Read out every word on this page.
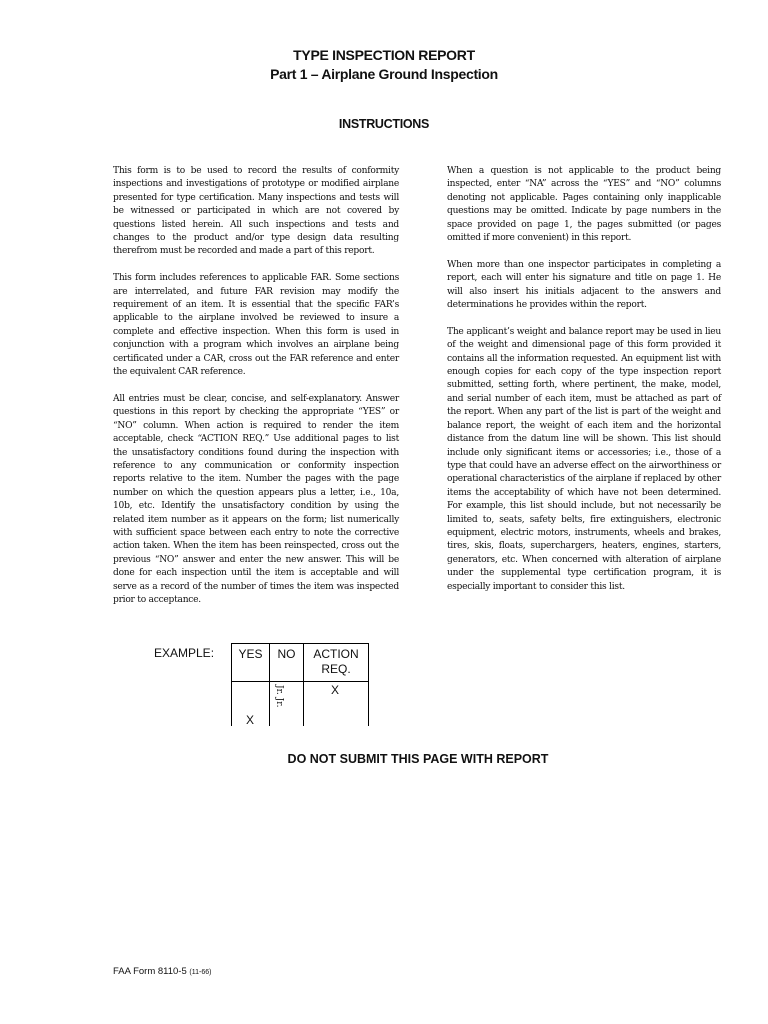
TYPE INSPECTION REPORT
Part 1 – Airplane Ground Inspection
INSTRUCTIONS

This form is to be used to record the results of conformity inspections and investigations of prototype or modified airplane presented for type certification. Many inspections and tests will be witnessed or participated in which are not covered by questions listed herein. All such inspections and tests and changes to the product and/or type design data resulting therefrom must be recorded and made a part of this report.

This form includes references to applicable FAR. Some sections are interrelated, and future FAR revision may modify the requirement of an item. It is essential that the specific FAR’s applicable to the airplane involved be reviewed to insure a complete and effective inspection. When this form is used in conjunction with a program which involves an airplane being certificated under a CAR, cross out the FAR reference and enter the equivalent CAR reference.

All entries must be clear, concise, and self-explanatory. Answer questions in this report by checking the appropriate “YES” or “NO” column. When action is required to render the item acceptable, check “ACTION REQ.” Use additional pages to list the unsatisfactory conditions found during the inspection with reference to any communication or conformity inspection reports relative to the item. Number the pages with the page number on which the question appears plus a letter, i.e., 10a, 10b, etc. Identify the unsatisfactory condition by using the related item number as it appears on the form; list numerically with sufficient space between each entry to note the corrective action taken. When the item has been reinspected, cross out the previous “NO” answer and enter the new answer. This will be done for each inspection until the item is acceptable and will serve as a record of the number of times the item was inspected prior to acceptance.

When a question is not applicable to the product being inspected, enter “NA” across the “YES” and “NO” columns denoting not applicable. Pages containing only inapplicable questions may be omitted. Indicate by page numbers in the space provided on page 1, the pages submitted (or pages omitted if more convenient) in this report.

When more than one inspector participates in completing a report, each will enter his signature and title on page 1. He will also insert his initials adjacent to the answers and determinations he provides within the report.

The applicant’s weight and balance report may be used in lieu of the weight and dimensional page of this form provided it contains all the information requested. An equipment list with enough copies for each copy of the type inspection report submitted, setting forth, where pertinent, the make, model, and serial number of each item, must be attached as part of the report. When any part of the list is part of the weight and balance report, the weight of each item and the horizontal distance from the datum line will be shown. This list should include only significant items or accessories; i.e., those of a type that could have an adverse effect on the airworthiness or operational characteristics of the airplane if replaced by other items the acceptability of which have not been determined. For example, this list should include, but not necessarily be limited to, seats, safety belts, fire extinguishers, electronic equipment, electric motors, instruments, wheels and brakes, tires, skis, floats, superchargers, heaters, engines, starters, generators, etc. When concerned with alteration of airplane under the supplemental type certification program, it is especially important to consider this list.

EXAMPLE: YES	NO	ACTION REQ.

X	Jr. Jr.	X
DO NOT SUBMIT THIS PAGE WITH REPORT
FAA Form 8110-5 (11-66)
